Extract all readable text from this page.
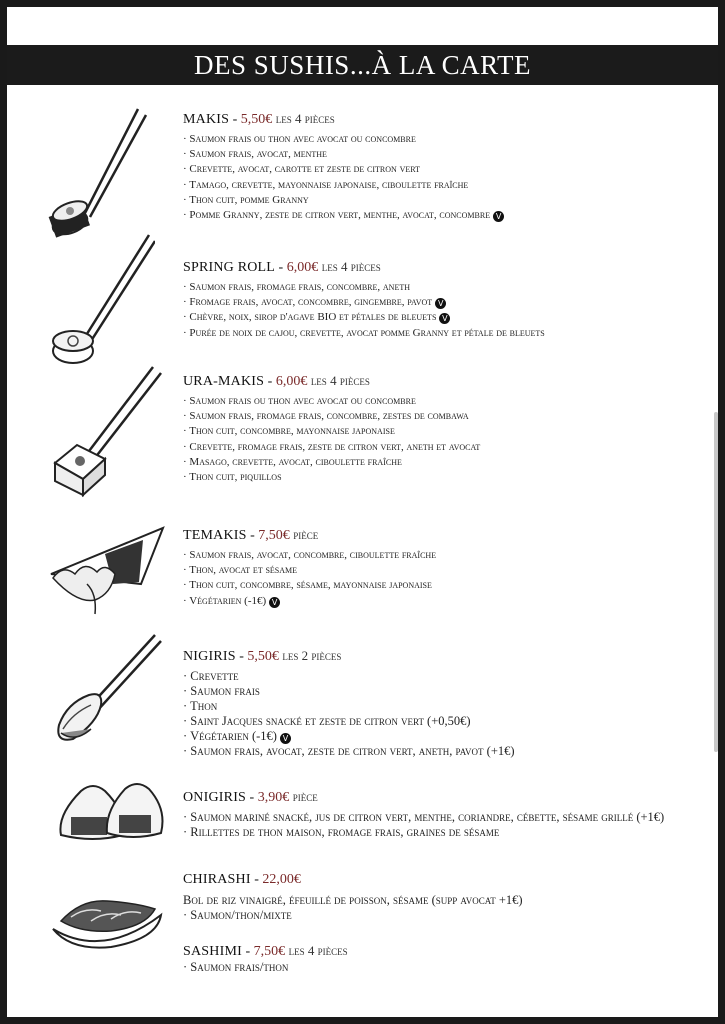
DES SUSHIS...À LA CARTE
MAKIS - 5,50€ les 4 pièces
· Saumon frais ou thon avec avocat ou concombre
· Saumon frais, avocat, menthe
· Crevette, avocat, carotte et zeste de citron vert
· Tamago, crevette, mayonnaise japonaise, ciboulette fraîche
· Thon cuit, pomme Granny
· Pomme Granny, zeste de citron vert, menthe, avocat, concombre V
SPRING ROLL - 6,00€ les 4 pièces
· Saumon frais, fromage frais, concombre, aneth
· Fromage frais, avocat, concombre, gingembre, pavot V
· Chèvre, noix, sirop d'agave BIO et pétales de bleuets V
· Purée de noix de cajou, crevette, avocat pomme Granny et pétale de bleuets
URA-MAKIS - 6,00€ les 4 pièces
· Saumon frais ou thon avec avocat ou concombre
· Saumon frais, fromage frais, concombre, zestes de combawa
· Thon cuit, concombre, mayonnaise japonaise
· Crevette, fromage frais, zeste de citron vert, aneth et avocat
· Masago, crevette, avocat, ciboulette fraîche
· Thon cuit, piquillos
TEMAKIS - 7,50€ pièce
· Saumon frais, avocat, concombre, ciboulette fraîche
· Thon, avocat et sésame
· Thon cuit, concombre, sésame, mayonnaise japonaise
· Végétarien (-1€) V
NIGIRIS - 5,50€ les 2 pièces
· Crevette
· Saumon frais
· Thon
· Saint Jacques snacké et zeste de citron vert (+0,50€)
· Végétarien (-1€) V
· Saumon frais, avocat, zeste de citron vert, aneth, pavot (+1€)
ONIGIRIS - 3,90€ pièce
· Saumon mariné snacké, jus de citron vert, menthe, coriandre, cébette, sésame grillé (+1€)
· Rillettes de thon maison, fromage frais, graines de sésame
CHIRASHI - 22,00€
Bol de riz vinaigré, éfeuillé de poisson, sésame (supp avocat +1€)
· Saumon/thon/mixte
SASHIMI - 7,50€ les 4 pièces
· Saumon frais/thon
